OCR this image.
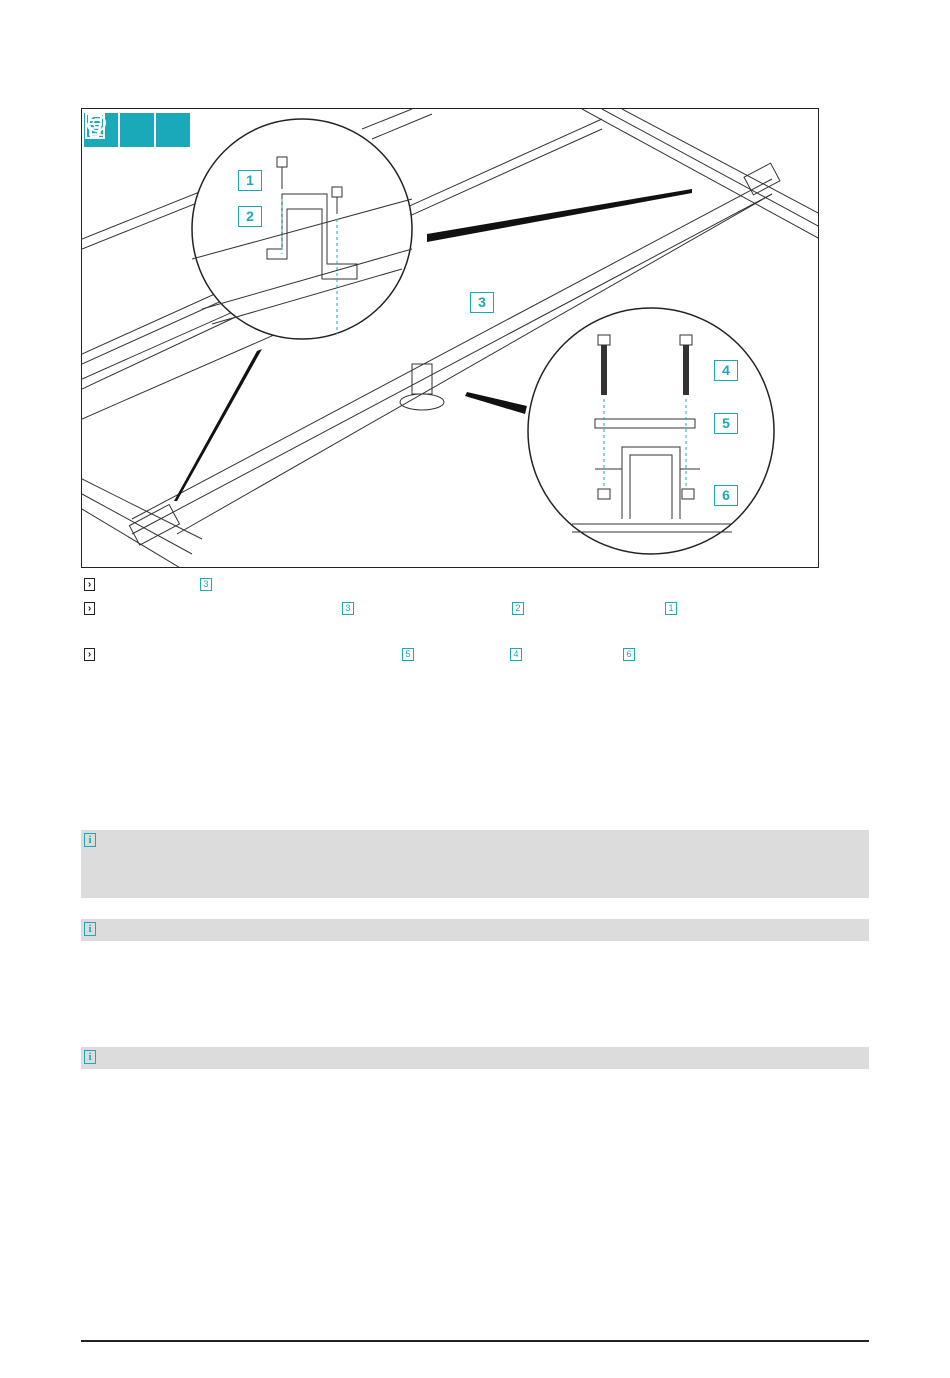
1
2
3
4
5
6
›	3
›	3	2	1
›	5	4	6
i
i
i
